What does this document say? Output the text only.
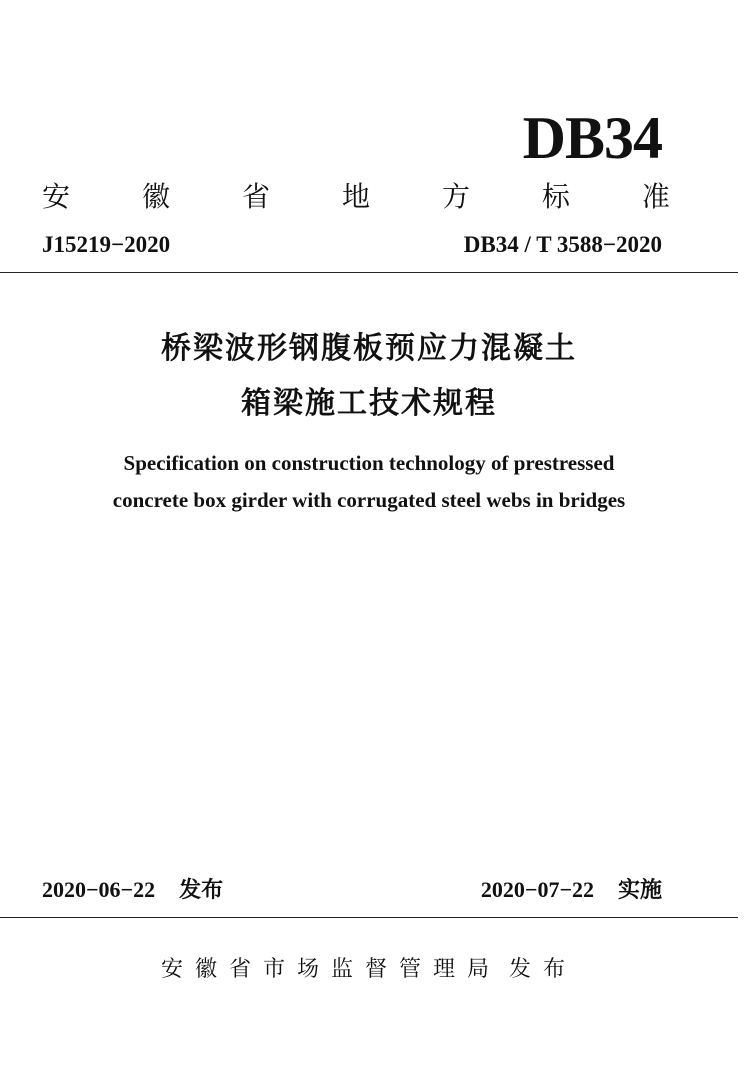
DB34
安	徽	省	地	方	标	准
J15219−2020	DB34 / T 3588−2020
桥梁波形钢腹板预应力混凝土
箱梁施工技术规程
Specification on construction technology of prestressed
concrete box girder with corrugated steel webs in bridges
2020−06−22 发布	2020−07−22 实施
安徽省市场监督管理局 发布
